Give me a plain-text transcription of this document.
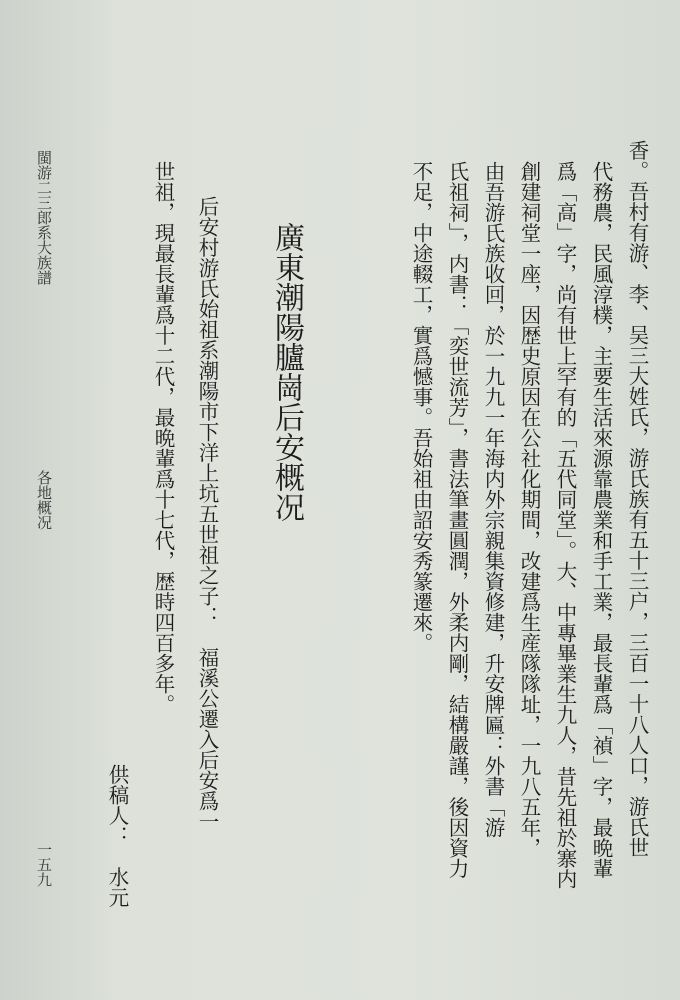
香。吾村有游、李、吴三大姓氏，游氏族有五十三户，三百一十八人口，游氏世
代務農，民風淳樸，主要生活來源靠農業和手工業，最長輩爲「禎」字，最晩輩
爲「高」字，尚有世上罕有的「五代同堂」。大、中專畢業生九人，昔先祖於寨内
創建祠堂一座，因歴史原因在公社化期間，改建爲生産隊隊址，一九八五年，
由吾游氏族收回，於一九九一年海内外宗親集資修建，升安牌匾：外書「游
氏祖祠」，内書：「奕世流芳」，書法筆畫圓潤，外柔内剛，結構嚴謹，後因資力
不足，中途輟工，實爲憾事。吾始祖由詔安秀篆遷來。
廣東潮陽臚崗后安概况
后安村游氏始祖系潮陽市下洋上坑五世祖之子：　福溪公遷入后安爲一
世祖，現最長輩爲十二代，最晩輩爲十七代，歴時四百多年。
供稿人：　水元
閩游二三郎系大族譜
各地概况
一五九
